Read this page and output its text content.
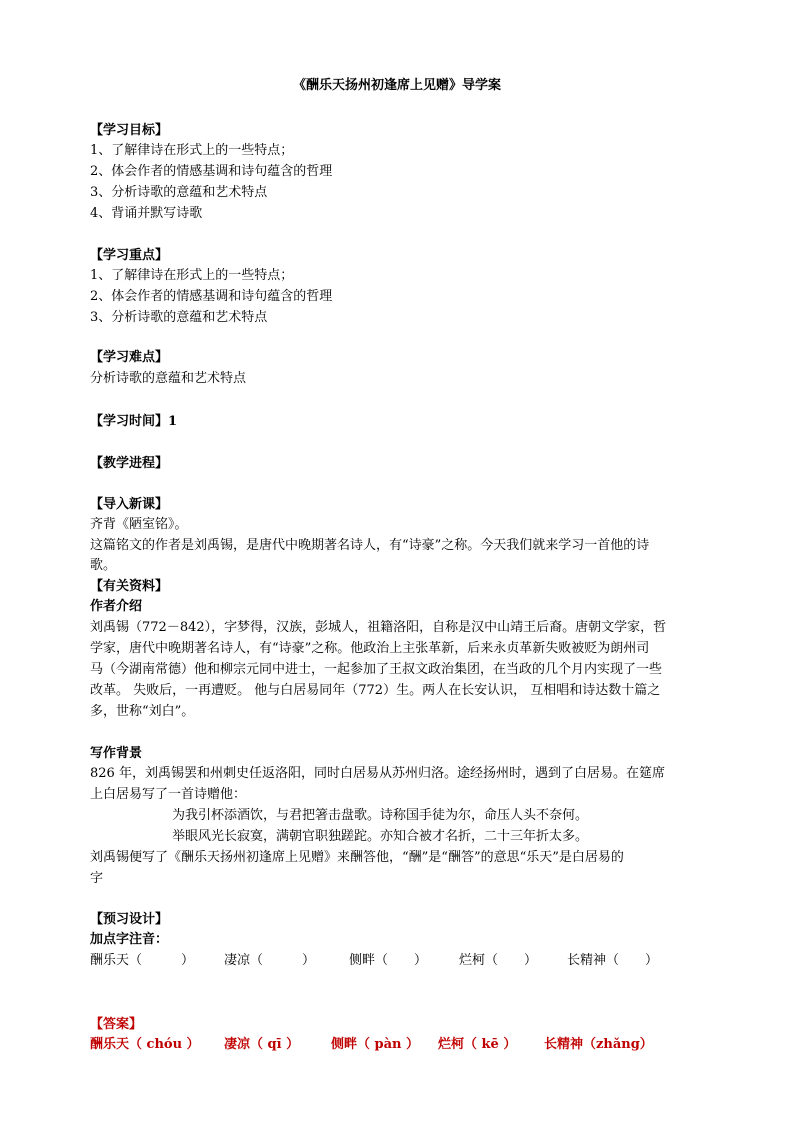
《酬乐天扬州初逢席上见赠》导学案
【学习目标】
1、了解律诗在形式上的一些特点；
2、体会作者的情感基调和诗句蕴含的哲理
3、分析诗歌的意蕴和艺术特点
4、背诵并默写诗歌
【学习重点】
1、了解律诗在形式上的一些特点；
2、体会作者的情感基调和诗句蕴含的哲理
3、分析诗歌的意蕴和艺术特点
【学习难点】
分析诗歌的意蕴和艺术特点
【学习时间】1
【教学进程】
【导入新课】
齐背《陋室铭》。
这篇铭文的作者是刘禹锡，是唐代中晚期著名诗人，有“诗豪”之称。今天我们就来学习一首他的诗
歌。
【有关资料】
作者介绍
刘禹锡（772－842），字梦得，汉族，彭城人，祖籍洛阳，自称是汉中山靖王后裔。唐朝文学家，哲
学家，唐代中晚期著名诗人，有“诗豪”之称。他政治上主张革新，后来永贞革新失败被贬为朗州司
马（今湖南常德）他和柳宗元同中进士，一起参加了王叔文政治集团，在当政的几个月内实现了一些
改革。 失败后，一再遭贬。 他与白居易同年（772）生。两人在长安认识， 互相唱和诗达数十篇之
多，世称“刘白”。
写作背景
826 年，刘禹锡罢和州刺史任返洛阳，同时白居易从苏州归洛。途经扬州时，遇到了白居易。在筵席
上白居易写了一首诗赠他：
为我引杯添酒饮，与君把箸击盘歌。诗称国手徒为尔，命压人头不奈何。
举眼风光长寂寞，满朝官职独蹉跎。亦知合被才名折，二十三年折太多。
刘禹锡便写了《酬乐天扬州初逢席上见赠》来酬答他，“酬”是“酬答”的意思“乐天”是白居易的
字
【预习设计】
加点字注音：
酬乐天（　　　） 凄凉（　　　）	侧畔（　　） 烂柯（　　） 长精神（　　）
【答案】
酬乐天（ chóu ） 凄凉（ qī ） 侧畔（ pàn ） 烂柯（ kē ） 长精神（zhǎng）
